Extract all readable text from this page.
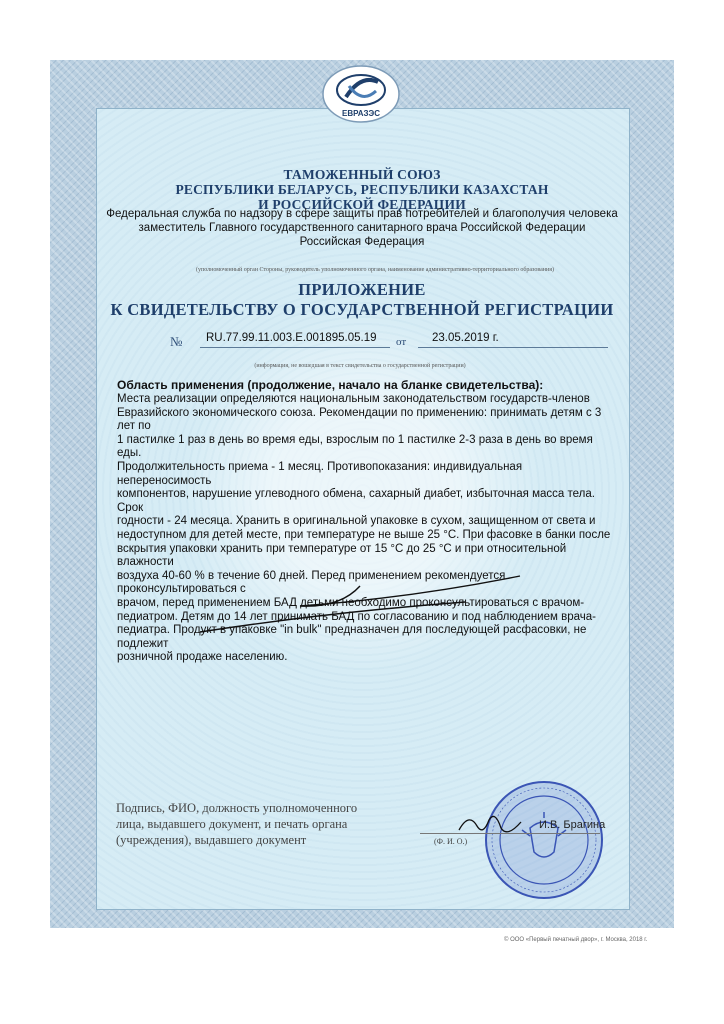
ЕВРАЗЭС
ТАМОЖЕННЫЙ СОЮЗ
РЕСПУБЛИКИ БЕЛАРУСЬ, РЕСПУБЛИКИ КАЗАХСТАН
И РОССИЙСКОЙ ФЕДЕРАЦИИ
Федеральная служба по надзору в сфере защиты прав потребителей и благополучия человека
заместитель Главного государственного санитарного врача Российской Федерации
Российская Федерация
(уполномоченный орган Стороны, руководитель уполномоченного органа, наименование административно-территориального образования)
ПРИЛОЖЕНИЕ
К СВИДЕТЕЛЬСТВУ О ГОСУДАРСТВЕННОЙ РЕГИСТРАЦИИ
№ RU.77.99.11.003.E.001895.05.19 от 23.05.2019 г.
(информация, не вошедшая в текст свидетельства о государственной регистрации)
Область применения (продолжение, начало на бланке свидетельства):

Места реализации определяются национальным законодательством государств-членов

Евразийского экономического союза. Рекомендации по применению: принимать детям с 3 лет по

1 пастилке 1 раз в день во время еды, взрослым по 1 пастилке 2-3 раза в день во время еды.

Продолжительность приема - 1 месяц. Противопоказания: индивидуальная непереносимость

компонентов, нарушение углеводного обмена, сахарный диабет, избыточная масса тела. Срок

годности - 24 месяца. Хранить в оригинальной упаковке в сухом, защищенном от света и

недоступном для детей месте, при температуре не выше 25 °С. При фасовке в банки после

вскрытия упаковки хранить при температуре от 15 °С до 25 °С и при относительной влажности

воздуха 40-60 % в течение 60 дней. Перед применением рекомендуется проконсультироваться с

врачом, перед применением БАД детьми необходимо проконсультироваться с врачом-

педиатром. Детям до 14 лет принимать БАД по согласованию и под наблюдением врача-

педиатра. Продукт в упаковке "in bulk" предназначен для последующей расфасовки, не подлежит

розничной продаже населению.

Подпись, ФИО, должность уполномоченного
лица, выдавшего документ, и печать органа
(учреждения), выдавшего документ
И.В. Брагина
(Ф. И. О.)
© ООО «Первый печатный двор», г. Москва, 2018 г.
